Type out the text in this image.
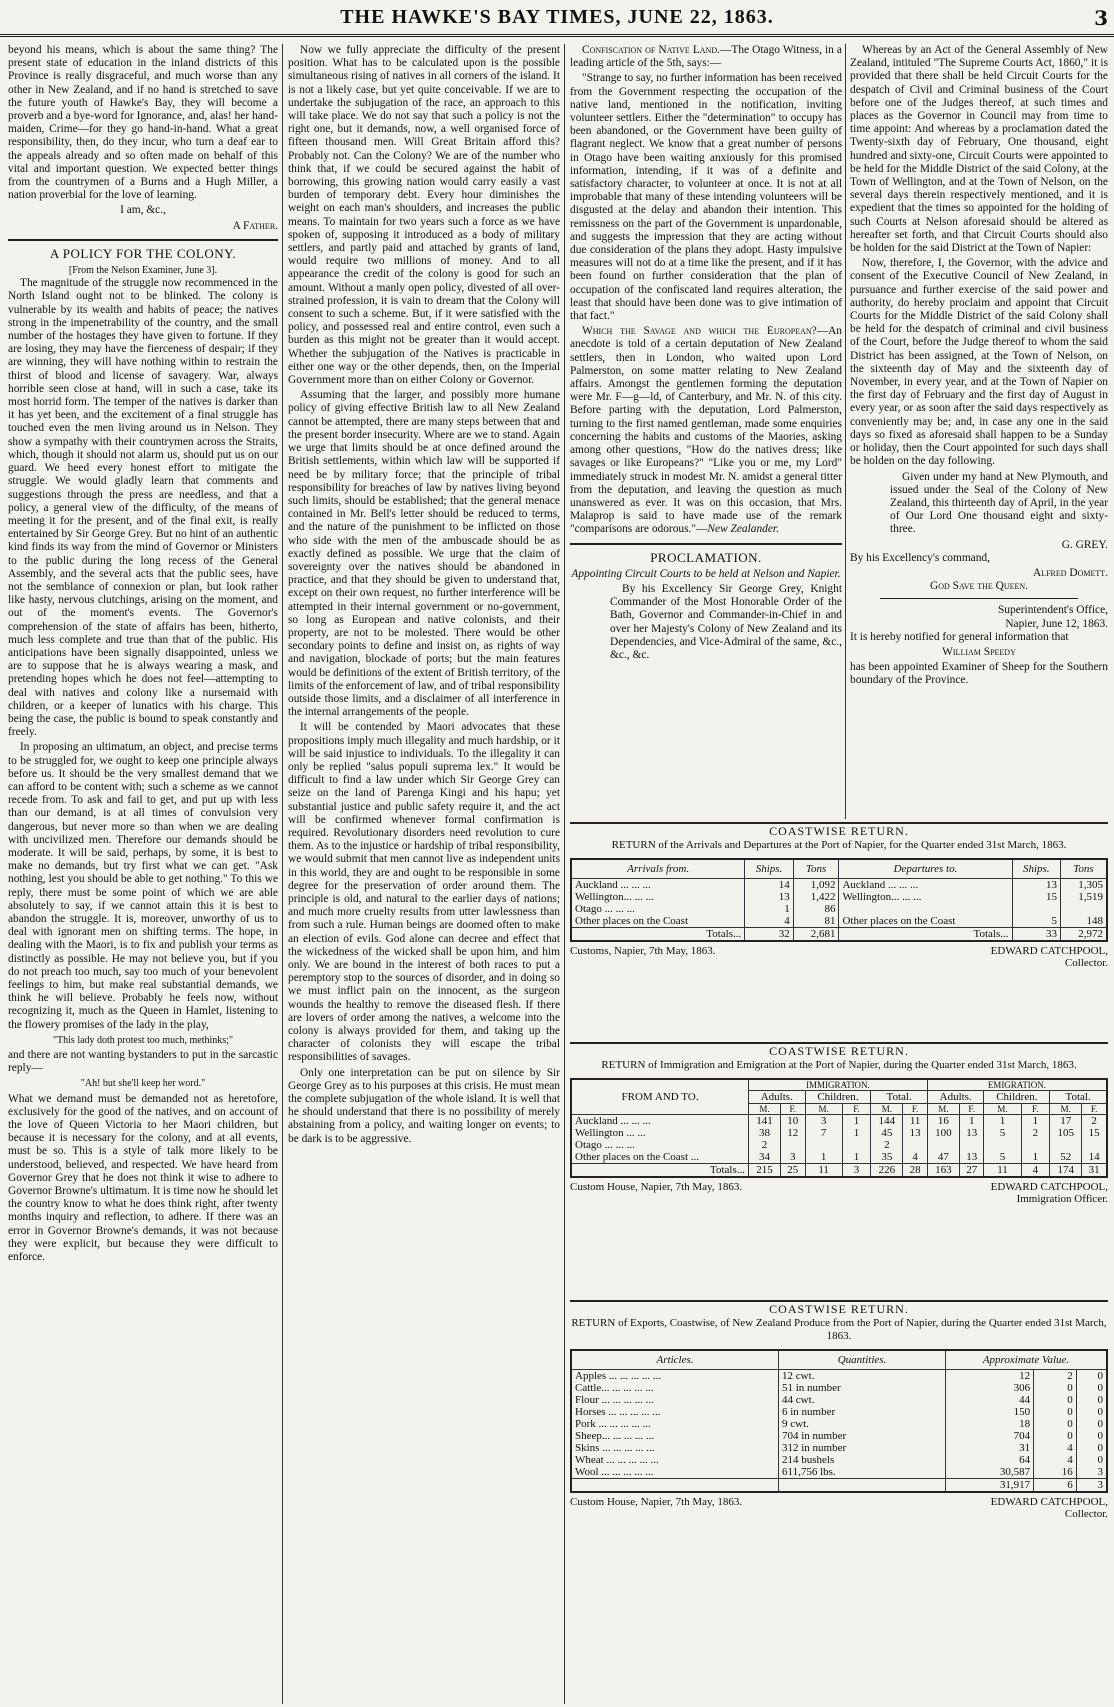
THE HAWKE'S BAY TIMES, JUNE 22, 1863.	3

beyond his means, which is about the same thing? The present state of education in the inland districts of this Province is really disgraceful, and much worse than any other in New Zealand, and if no hand is stretched to save the future youth of Hawke's Bay, they will become a proverb and a bye-word for Ignorance, and, alas! her hand-maiden, Crime—for they go hand-in-hand. What a great responsibility, then, do they incur, who turn a deaf ear to the appeals already and so often made on behalf of this vital and important question. We expected better things from the countrymen of a Burns and a Hugh Miller, a nation proverbial for the love of learning.

I am, &c.,

A Father.

A POLICY FOR THE COLONY.
[From the Nelson Examiner, June 3].

The magnitude of the struggle now recommenced in the North Island ought not to be blinked. The colony is vulnerable by its wealth and habits of peace; the natives strong in the impenetrability of the country, and the small number of the hostages they have given to fortune. If they are losing, they may have the fierceness of despair; if they are winning, they will have nothing within to restrain the thirst of blood and license of savagery. War, always horrible seen close at hand, will in such a case, take its most horrid form. The temper of the natives is darker than it has yet been, and the excitement of a final struggle has touched even the men living around us in Nelson. They show a sympathy with their countrymen across the Straits, which, though it should not alarm us, should put us on our guard. We heed every honest effort to mitigate the struggle. We would gladly learn that comments and suggestions through the press are needless, and that a policy, a general view of the difficulty, of the means of meeting it for the present, and of the final exit, is really entertained by Sir George Grey. But no hint of an authentic kind finds its way from the mind of Governor or Ministers to the public during the long recess of the General Assembly, and the several acts that the public sees, have not the semblance of connexion or plan, but look rather like hasty, nervous clutchings, arising on the moment, and out of the moment's events. The Governor's comprehension of the state of affairs has been, hitherto, much less complete and true than that of the public. His anticipations have been signally disappointed, unless we are to suppose that he is always wearing a mask, and pretending hopes which he does not feel—attempting to deal with natives and colony like a nursemaid with children, or a keeper of lunatics with his charge. This being the case, the public is bound to speak constantly and freely.

In proposing an ultimatum, an object, and precise terms to be struggled for, we ought to keep one principle always before us. It should be the very smallest demand that we can afford to be content with; such a scheme as we cannot recede from. To ask and fail to get, and put up with less than our demand, is at all times of convulsion very dangerous, but never more so than when we are dealing with uncivilized men. Therefore our demands should be moderate. It will be said, perhaps, by some, it is best to make no demands, but try first what we can get. "Ask nothing, lest you should be able to get nothing." To this we reply, there must be some point of which we are able absolutely to say, if we cannot attain this it is best to abandon the struggle. It is, moreover, unworthy of us to deal with ignorant men on shifting terms. The hope, in dealing with the Maori, is to fix and publish your terms as distinctly as possible. He may not believe you, but if you do not preach too much, say too much of your benevolent feelings to him, but make real substantial demands, we think he will believe. Probably he feels now, without recognizing it, much as the Queen in Hamlet, listening to the flowery promises of the lady in the play,

"This lady doth protest too much, methinks;"

and there are not wanting bystanders to put in the sarcastic reply—

"Ah! but she'll keep her word."

What we demand must be demanded not as heretofore, exclusively for the good of the natives, and on account of the love of Queen Victoria to her Maori children, but because it is necessary for the colony, and at all events, must be so. This is a style of talk more likely to be understood, believed, and respected. We have heard from Governor Grey that he does not think it wise to adhere to Governor Browne's ultimatum. It is time now he should let the country know to what he does think right, after twenty months inquiry and reflection, to adhere. If there was an error in Governor Browne's demands, it was not because they were explicit, but because they were difficult to enforce.

Now we fully appreciate the difficulty of the present position. What has to be calculated upon is the possible simultaneous rising of natives in all corners of the island. It is not a likely case, but yet quite conceivable. If we are to undertake the subjugation of the race, an approach to this will take place. We do not say that such a policy is not the right one, but it demands, now, a well organised force of fifteen thousand men. Will Great Britain afford this? Probably not. Can the Colony? We are of the number who think that, if we could be secured against the habit of borrowing, this growing nation would carry easily a vast burden of temporary debt. Every hour diminishes the weight on each man's shoulders, and increases the public means. To maintain for two years such a force as we have spoken of, supposing it introduced as a body of military settlers, and partly paid and attached by grants of land, would require two millions of money. And to all appearance the credit of the colony is good for such an amount. Without a manly open policy, divested of all over-strained profession, it is vain to dream that the Colony will consent to such a scheme. But, if it were satisfied with the policy, and possessed real and entire control, even such a burden as this might not be greater than it would accept. Whether the subjugation of the Natives is practicable in either one way or the other depends, then, on the Imperial Government more than on either Colony or Governor.

Assuming that the larger, and possibly more humane policy of giving effective British law to all New Zealand cannot be attempted, there are many steps between that and the present border insecurity. Where are we to stand. Again we urge that limits should be at once defined around the British settlements, within which law will be supported if need be by military force; that the principle of tribal responsibility for breaches of law by natives living beyond such limits, should be established; that the general menace contained in Mr. Bell's letter should be reduced to terms, and the nature of the punishment to be inflicted on those who side with the men of the ambuscade should be as exactly defined as possible. We urge that the claim of sovereignty over the natives should be abandoned in practice, and that they should be given to understand that, except on their own request, no further interference will be attempted in their internal government or no-government, so long as European and native colonists, and their property, are not to be molested. There would be other secondary points to define and insist on, as rights of way and navigation, blockade of ports; but the main features would be definitions of the extent of British territory, of the limits of the enforcement of law, and of tribal responsibility outside those limits, and a disclaimer of all interference in the internal arrangements of the people.

It will be contended by Maori advocates that these propositions imply much illegality and much hardship, or it will be said injustice to individuals. To the illegality it can only be replied "salus populi suprema lex." It would be difficult to find a law under which Sir George Grey can seize on the land of Parenga Kingi and his hapu; yet substantial justice and public safety require it, and the act will be confirmed whenever formal confirmation is required. Revolutionary disorders need revolution to cure them. As to the injustice or hardship of tribal responsibility, we would submit that men cannot live as independent units in this world, they are and ought to be responsible in some degree for the preservation of order around them. The principle is old, and natural to the earlier days of nations; and much more cruelty results from utter lawlessness than from such a rule. Human beings are doomed often to make an election of evils. God alone can decree and effect that the wickedness of the wicked shall be upon him, and him only. We are bound in the interest of both races to put a peremptory stop to the sources of disorder, and in doing so we must inflict pain on the innocent, as the surgeon wounds the healthy to remove the diseased flesh. If there are lovers of order among the natives, a welcome into the colony is always provided for them, and taking up the character of colonists they will escape the tribal responsibilities of savages.

Only one interpretation can be put on silence by Sir George Grey as to his purposes at this crisis. He must mean the complete subjugation of the whole island. It is well that he should understand that there is no possibility of merely abstaining from a policy, and waiting longer on events; to be dark is to be aggressive.

Confiscation of Native Land.—The Otago Witness, in a leading article of the 5th, says:—

"Strange to say, no further information has been received from the Government respecting the occupation of the native land, mentioned in the notification, inviting volunteer settlers. Either the "determination" to occupy has been abandoned, or the Government have been guilty of flagrant neglect. We know that a great number of persons in Otago have been waiting anxiously for this promised information, intending, if it was of a definite and satisfactory character, to volunteer at once. It is not at all improbable that many of these intending volunteers will be disgusted at the delay and abandon their intention. This remissness on the part of the Government is unpardonable, and suggests the impression that they are acting without due consideration of the plans they adopt. Hasty impulsive measures will not do at a time like the present, and if it has been found on further consideration that the plan of occupation of the confiscated land requires alteration, the least that should have been done was to give intimation of that fact."

Which the Savage and which the European?—An anecdote is told of a certain deputation of New Zealand settlers, then in London, who waited upon Lord Palmerston, on some matter relating to New Zealand affairs. Amongst the gentlemen forming the deputation were Mr. F—g—ld, of Canterbury, and Mr. N. of this city. Before parting with the deputation, Lord Palmerston, turning to the first named gentleman, made some enquiries concerning the habits and customs of the Maories, asking among other questions, "How do the natives dress; like savages or like Europeans?" "Like you or me, my Lord" immediately struck in modest Mr. N. amidst a general titter from the deputation, and leaving the question as much unanswered as ever. It was on this occasion, that Mrs. Malaprop is said to have made use of the remark "comparisons are odorous."—New Zealander.

PROCLAMATION.

Appointing Circuit Courts to be held at Nelson and Napier.

By his Excellency Sir George Grey, Knight Commander of the Most Honorable Order of the Bath, Governor and Commander-in-Chief in and over her Majesty's Colony of New Zealand and its Dependencies, and Vice-Admiral of the same, &c., &c., &c.

Whereas by an Act of the General Assembly of New Zealand, intituled "The Supreme Courts Act, 1860," it is provided that there shall be held Circuit Courts for the despatch of Civil and Criminal business of the Court before one of the Judges thereof, at such times and places as the Governor in Council may from time to time appoint: And whereas by a proclamation dated the Twenty-sixth day of February, One thousand, eight hundred and sixty-one, Circuit Courts were appointed to be held for the Middle District of the said Colony, at the Town of Wellington, and at the Town of Nelson, on the several days therein respectively mentioned, and it is expedient that the times so appointed for the holding of such Courts at Nelson aforesaid should be altered as hereafter set forth, and that Circuit Courts should also be holden for the said District at the Town of Napier:

Now, therefore, I, the Governor, with the advice and consent of the Executive Council of New Zealand, in pursuance and further exercise of the said power and authority, do hereby proclaim and appoint that Circuit Courts for the Middle District of the said Colony shall be held for the despatch of criminal and civil business of the Court, before the Judge thereof to whom the said District has been assigned, at the Town of Nelson, on the sixteenth day of May and the sixteenth day of November, in every year, and at the Town of Napier on the first day of February and the first day of August in every year, or as soon after the said days respectively as conveniently may be; and, in case any one in the said days so fixed as aforesaid shall happen to be a Sunday or holiday, then the Court appointed for such days shall be holden on the day following.

Given under my hand at New Plymouth, and issued under the Seal of the Colony of New Zealand, this thirteenth day of April, in the year of Our Lord One thousand eight and sixty-three.

G. GREY.

By his Excellency's command,

Alfred Domett.

God Save the Queen.

Superintendent's Office,

Napier, June 12, 1863.

It is hereby notified for general information that

William Speedy

has been appointed Examiner of Sheep for the Southern boundary of the Province.

COASTWISE RETURN.
RETURN of the Arrivals and Departures at the Port of Napier, for the Quarter ended 31st March, 1863.
Arrivals from.	Ships.	Tons	Departures to.	Ships.	Tons
Auckland ... ... ...	14	1,092	Auckland ... ... ...	13	1,305
Wellington... ... ...	13	1,422	Wellington... ... ...	15	1,519
Otago ... ... ...	1	86			
Other places on the Coast	4	81	Other places on the Coast	5	148
Totals...	32	2,681	Totals...	33	2,972
Customs, Napier, 7th May, 1863.	EDWARD CATCHPOOL,
Collector.
COASTWISE RETURN.
RETURN of Immigration and Emigration at the Port of Napier, during the Quarter ended 31st March, 1863.
FROM AND TO.	IMMIGRATION.						EMIGRATION.					
	Adults.		Children.		Total.		Adults.		Children.		Total.	
	M.	F.	M.	F.	M.	F.	M.	F.	M.	F.	M.	F.
Auckland ... ... ...	141	10	3	1	144	11	16	1	1	1	17	2
Wellington ... ...	38	12	7	1	45	13	100	13	5	2	105	15
Otago ... ... ...	2				2							
Other places on the Coast ...	34	3	1	1	35	4	47	13	5	1	52	14
Totals...	215	25	11	3	226	28	163	27	11	4	174	31
Custom House, Napier, 7th May, 1863.	EDWARD CATCHPOOL,
Immigration Officer.
COASTWISE RETURN.
RETURN of Exports, Coastwise, of New Zealand Produce from the Port of Napier, during the Quarter ended 31st March, 1863.
Articles.	Quantities.	Approximate Value.		
Apples ... ... ... ... ...	12 cwt.	12	2	0
Cattle... ... ... ... ...	51 in number	306	0	0
Flour ... ... ... ... ...	44 cwt.	44	0	0
Horses ... ... ... ... ...	6 in number	150	0	0
Pork ... ... ... ... ...	9 cwt.	18	0	0
Sheep... ... ... ... ...	704 in number	704	0	0
Skins ... ... ... ... ...	312 in number	31	4	0
Wheat ... ... ... ... ...	214 bushels	64	4	0
Wool ... ... ... ... ...	611,756 lbs.	30,587	16	3
		31,917	6	3
Custom House, Napier, 7th May, 1863.	EDWARD CATCHPOOL,
Collector.
